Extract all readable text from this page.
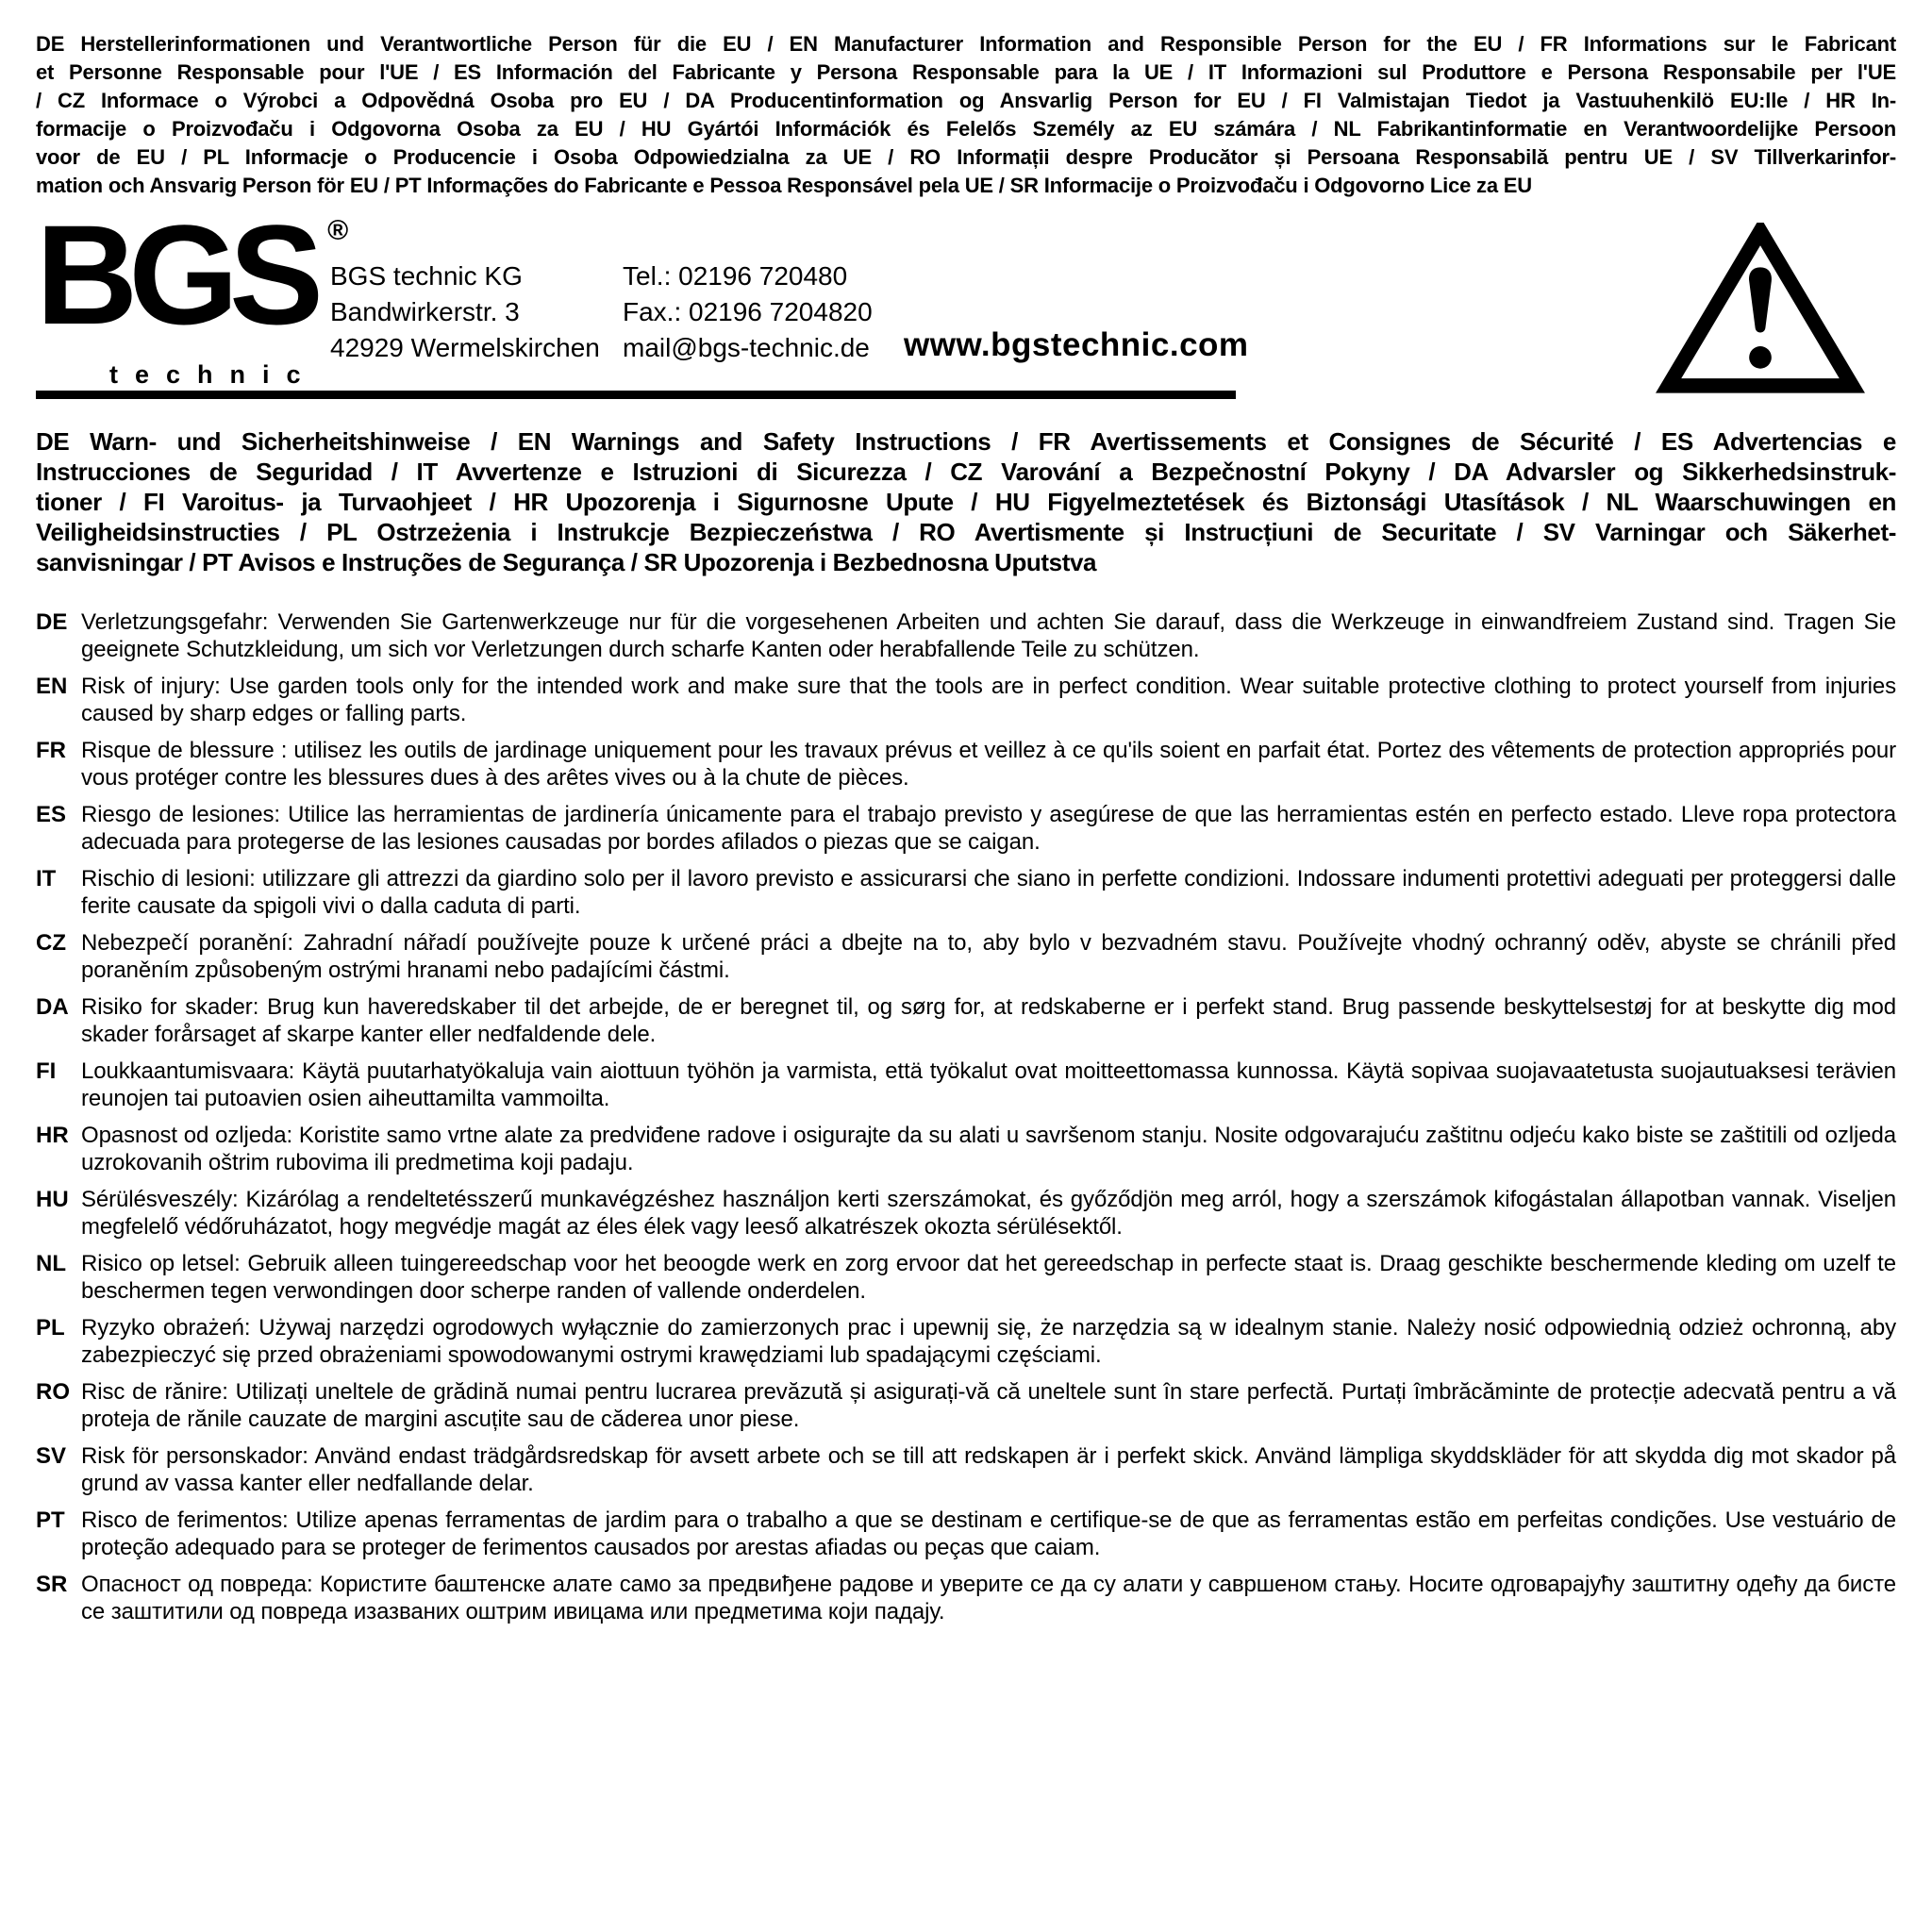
DE Herstellerinformationen und Verantwortliche Person für die EU / EN Manufacturer Information and Responsible Person for the EU / FR Informations sur le Fabricant
et Personne Responsable pour l'UE / ES Información del Fabricante y Persona Responsable para la UE / IT Informazioni sul Produttore e Persona Responsabile per l'UE
/ CZ Informace o Výrobci a Odpovědná Osoba pro EU / DA Producentinformation og Ansvarlig Person for EU / FI Valmistajan Tiedot ja Vastuuhenkilö EU:lle / HR In-
formacije o Proizvođaču i Odgovorna Osoba za EU / HU Gyártói Információk és Felelős Személy az EU számára / NL Fabrikantinformatie en Verantwoordelijke Persoon
voor de EU / PL Informacje o Producencie i Osoba Odpowiedzialna za UE / RO Informații despre Producător și Persoana Responsabilă pentru UE / SV Tillverkarinfor-
mation och Ansvarig Person för EU / PT Informações do Fabricante e Pessoa Responsável pela UE / SR Informacije o Proizvođaču i Odgovorno Lice za EU
BGS ®
technic
BGS technic KG
Bandwirkerstr. 3
42929 Wermelskirchen
Tel.: 02196 720480
Fax.: 02196 7204820
mail@bgs-technic.de www.bgstechnic.com
DE Warn- und Sicherheitshinweise / EN Warnings and Safety Instructions / FR Avertissements et Consignes de Sécurité / ES Advertencias e
Instrucciones de Seguridad / IT Avvertenze e Istruzioni di Sicurezza / CZ Varování a Bezpečnostní Pokyny / DA Advarsler og Sikkerhedsinstruk-
tioner / FI Varoitus- ja Turvaohjeet / HR Upozorenja i Sigurnosne Upute / HU Figyelmeztetések és Biztonsági Utasítások / NL Waarschuwingen en
Veiligheidsinstructies / PL Ostrzeżenia i Instrukcje Bezpieczeństwa / RO Avertismente și Instrucțiuni de Securitate / SV Varningar och Säkerhet-
sanvisningar / PT Avisos e Instruções de Segurança / SR Upozorenja i Bezbednosna Uputstva
DE Verletzungsgefahr: Verwenden Sie Gartenwerkzeuge nur für die vorgesehenen Arbeiten und achten Sie darauf, dass die Werkzeuge in einwandfreiem Zustand sind. Tragen Sie geeignete Schutzkleidung, um sich vor Verletzungen durch scharfe Kanten oder herabfallende Teile zu schützen.

EN Risk of injury: Use garden tools only for the intended work and make sure that the tools are in perfect condition. Wear suitable protective clothing to protect yourself from injuries caused by sharp edges or falling parts.

FR Risque de blessure : utilisez les outils de jardinage uniquement pour les travaux prévus et veillez à ce qu'ils soient en parfait état. Portez des vêtements de protection appropriés pour vous protéger contre les blessures dues à des arêtes vives ou à la chute de pièces.

ES Riesgo de lesiones: Utilice las herramientas de jardinería únicamente para el trabajo previsto y asegúrese de que las herramientas estén en perfecto estado. Lleve ropa protectora adecuada para protegerse de las lesiones causadas por bordes afilados o piezas que se caigan.

IT	Rischio di lesioni: utilizzare gli attrezzi da giardino solo per il lavoro previsto e assicurarsi che siano in perfette condizioni. Indossare indumenti protettivi adeguati per proteggersi dalle ferite causate da spigoli vivi o dalla caduta di parti.

CZ Nebezpečí poranění: Zahradní nářadí používejte pouze k určené práci a dbejte na to, aby bylo v bezvadném stavu. Používejte vhodný ochranný oděv, abyste se chránili před poraněním způsobeným ostrými hranami nebo padajícími částmi.

DA Risiko for skader: Brug kun haveredskaber til det arbejde, de er beregnet til, og sørg for, at redskaberne er i perfekt stand. Brug passende beskyttelsestøj for at beskytte dig mod skader forårsaget af skarpe kanter eller nedfaldende dele.

FI	Loukkaantumisvaara: Käytä puutarhatyökaluja vain aiottuun työhön ja varmista, että työkalut ovat moitteettomassa kunnossa. Käytä sopivaa suojavaatetusta suojautuaksesi terävien reunojen tai putoavien osien aiheuttamilta vammoilta.

HR Opasnost od ozljeda: Koristite samo vrtne alate za predviđene radove i osigurajte da su alati u savršenom stanju. Nosite odgovarajuću zaštitnu odjeću kako biste se zaštitili od ozljeda uzrokovanih oštrim rubovima ili predmetima koji padaju.

HU Sérülésveszély: Kizárólag a rendeltetésszerű munkavégzéshez használjon kerti szerszámokat, és győződjön meg arról, hogy a szerszámok kifogástalan állapotban vannak. Viseljen megfelelő védőruházatot, hogy megvédje magát az éles élek vagy leeső alkatrészek okozta sérülésektől.

NL Risico op letsel: Gebruik alleen tuingereedschap voor het beoogde werk en zorg ervoor dat het gereedschap in perfecte staat is. Draag geschikte beschermende kleding om uzelf te beschermen tegen verwondingen door scherpe randen of vallende onderdelen.

PL Ryzyko obrażeń: Używaj narzędzi ogrodowych wyłącznie do zamierzonych prac i upewnij się, że narzędzia są w idealnym stanie. Należy nosić odpowiednią odzież ochronną, aby zabezpieczyć się przed obrażeniami spowodowanymi ostrymi krawędziami lub spadającymi częściami.

RO Risc de rănire: Utilizați uneltele de grădină numai pentru lucrarea prevăzută și asigurați-vă că uneltele sunt în stare perfectă. Purtați îmbrăcăminte de protecție adecvată pentru a vă proteja de rănile cauzate de margini ascuțite sau de căderea unor piese.

SV Risk för personskador: Använd endast trädgårdsredskap för avsett arbete och se till att redskapen är i perfekt skick. Använd lämpliga skyddskläder för att skydda dig mot skador på grund av vassa kanter eller nedfallande delar.

PT Risco de ferimentos: Utilize apenas ferramentas de jardim para o trabalho a que se destinam e certifique-se de que as ferramentas estão em perfeitas condições. Use vestuário de proteção adequado para se proteger de ferimentos causados por arestas afiadas ou peças que caiam.

SR Опасност од повреда: Користите баштенске алате само за предвиђене радове и уверите се да су алати у савршеном стању. Носите одговарајућу заштитну одећу да бисте се заштитили од повреда изазваних оштрим ивицама или предметима који падају.
